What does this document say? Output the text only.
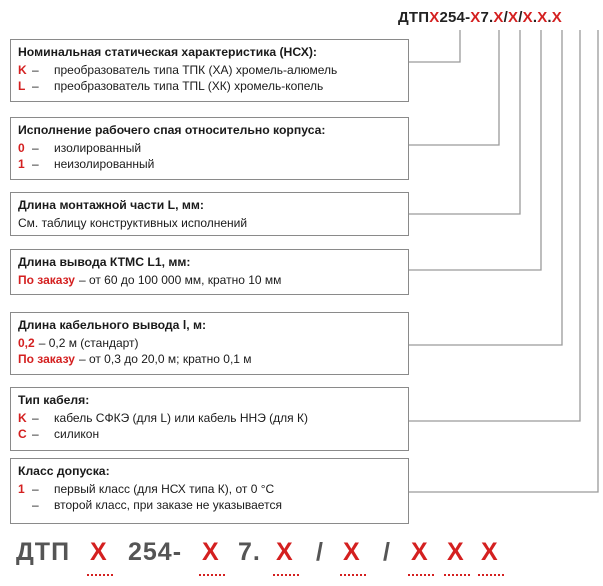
ДТПХ254-Х7.Х/Х/Х.Х.Х
Номинальная статическая характеристика (НСХ):
K –	преобразователь типа ТПК (ХА) хромель-алюмель
L –	преобразователь типа ТПL (ХК) хромель-копель
Исполнение рабочего спая относительно корпуса:
0 –	изолированный
1 –	неизолированный
Длина монтажной части L, мм:
См. таблицу конструктивных исполнений
Длина вывода КТМС L1, мм:
По заказу – от 60 до 100 000 мм, кратно 10 мм
Длина кабельного вывода l, м:
0,2 – 0,2 м (стандарт)
По заказу – от 0,3 до 20,0 м; кратно 0,1 м
Тип кабеля:
K –	кабель СФКЭ (для L) или кабель ННЭ (для К)
C –	силикон
Класс допуска:
1 –	первый класс (для НСХ типа К), от 0 °С
–	второй класс, при заказе не указывается
ДТП Х 254- Х 7. Х / Х / Х Х Х
